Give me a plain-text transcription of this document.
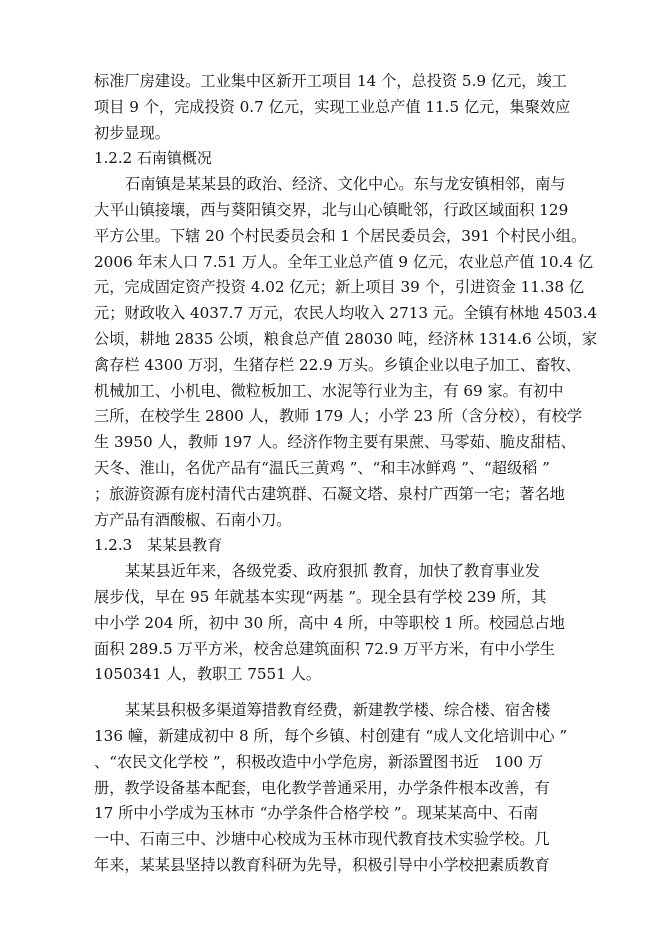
标准厂房建设。工业集中区新开工项目 14 个，总投资 5.9 亿元，竣工
项目 9 个，完成投资 0.7 亿元，实现工业总产值 11.5 亿元，集聚效应
初步显现。
1.2.2 石南镇概况
石南镇是某某县的政治、经济、文化中心。东与龙安镇相邻，南与
大平山镇接壤，西与葵阳镇交界，北与山心镇毗邻，行政区域面积 129
平方公里。下辖 20 个村民委员会和 1 个居民委员会，391 个村民小组。
2006 年末人口 7.51 万人。全年工业总产值 9 亿元，农业总产值 10.4 亿
元，完成固定资产投资 4.02 亿元；新上项目 39 个，引进资金 11.38 亿
元；财政收入 4037.7 万元，农民人均收入 2713 元。全镇有林地 4503.4
公顷，耕地 2835 公顷，粮食总产值 28030 吨，经济林 1314.6 公顷，家
禽存栏 4300 万羽，生猪存栏 22.9 万头。乡镇企业以电子加工、畜牧、
机械加工、小机电、微粒板加工、水泥等行业为主，有 69 家。有初中
三所，在校学生 2800 人，教师 179 人；小学 23 所（含分校），有校学
生 3950 人，教师 197 人。经济作物主要有果蔗、马零茹、脆皮甜桔、
天冬、淮山，名优产品有“温氏三黄鸡 ”、“和丰冰鲜鸡 ”、“超级稻 ”
；旅游资源有庞村清代古建筑群、石凝文塔、泉村广西第一宅；著名地
方产品有酒酸椒、石南小刀。
1.2.3　某某县教育
某某县近年来，各级党委、政府狠抓 教育，加快了教育事业发
展步伐，早在 95 年就基本实现“两基 ”。现全县有学校 239 所，其
中小学 204 所，初中 30 所，高中 4 所，中等职校 1 所。校园总占地
面积 289.5 万平方米，校舍总建筑面积 72.9 万平方米，有中小学生
1050341 人，教职工 7551 人。
某某县积极多渠道筹措教育经费，新建教学楼、综合楼、宿舍楼
136 幢，新建成初中 8 所，每个乡镇、村创建有 “成人文化培训中心 ”
、“农民文化学校 ”，积极改造中小学危房，新添置图书近　100 万
册，教学设备基本配套，电化教学普通采用，办学条件根本改善，有
17 所中小学成为玉林市 “办学条件合格学校 ”。现某某高中、石南
一中、石南三中、沙塘中心校成为玉林市现代教育技术实验学校。几
年来，某某县坚持以教育科研为先导，积极引导中小学校把素质教育
